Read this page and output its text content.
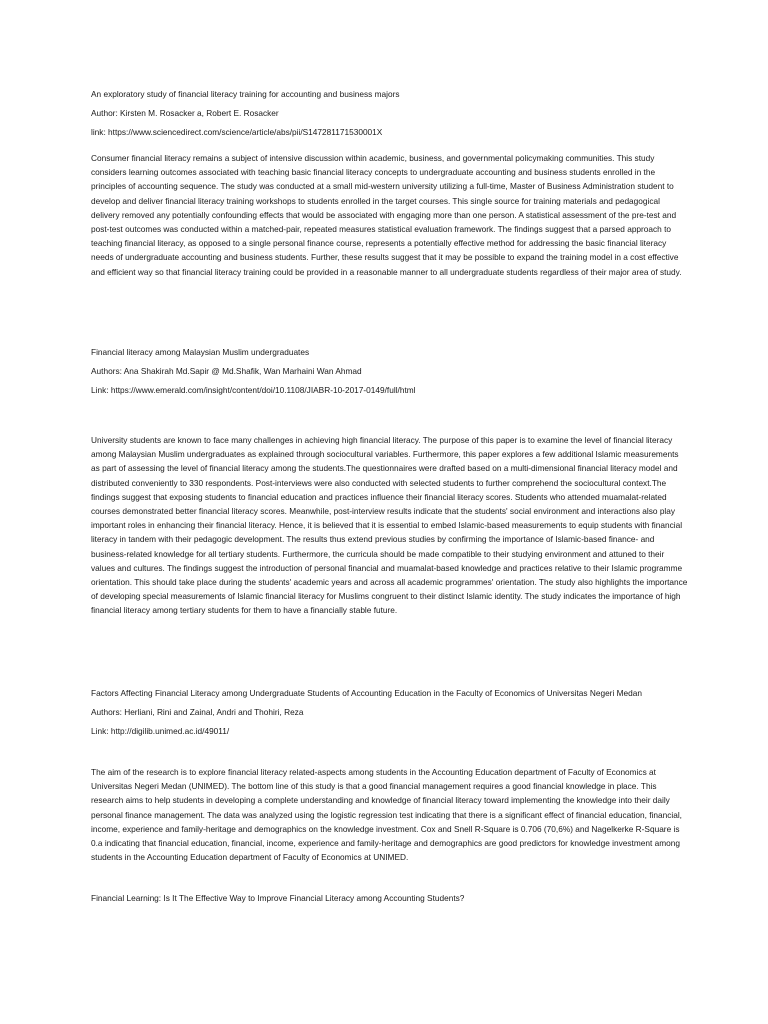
An exploratory study of financial literacy training for accounting and business majors

Author: Kirsten M. Rosacker a, Robert E. Rosacker

link: https://www.sciencedirect.com/science/article/abs/pii/S147281171530001X

Consumer financial literacy remains a subject of intensive discussion within academic, business, and governmental policymaking communities. This study considers learning outcomes associated with teaching basic financial literacy concepts to undergraduate accounting and business students enrolled in the principles of accounting sequence. The study was conducted at a small mid-western university utilizing a full-time, Master of Business Administration student to develop and deliver financial literacy training workshops to students enrolled in the target courses. This single source for training materials and pedagogical delivery removed any potentially confounding effects that would be associated with engaging more than one person. A statistical assessment of the pre-test and post-test outcomes was conducted within a matched-pair, repeated measures statistical evaluation framework. The findings suggest that a parsed approach to teaching financial literacy, as opposed to a single personal finance course, represents a potentially effective method for addressing the basic financial literacy needs of undergraduate accounting and business students. Further, these results suggest that it may be possible to expand the training model in a cost effective and efficient way so that financial literacy training could be provided in a reasonable manner to all undergraduate students regardless of their major area of study.

Financial literacy among Malaysian Muslim undergraduates

Authors: Ana Shakirah Md.Sapir @ Md.Shafik, Wan Marhaini Wan Ahmad

Link: https://www.emerald.com/insight/content/doi/10.1108/JIABR-10-2017-0149/full/html

University students are known to face many challenges in achieving high financial literacy. The purpose of this paper is to examine the level of financial literacy among Malaysian Muslim undergraduates as explained through sociocultural variables. Furthermore, this paper explores a few additional Islamic measurements as part of assessing the level of financial literacy among the students.The questionnaires were drafted based on a multi-dimensional financial literacy model and distributed conveniently to 330 respondents. Post-interviews were also conducted with selected students to further comprehend the sociocultural context.The findings suggest that exposing students to financial education and practices influence their financial literacy scores. Students who attended muamalat-related courses demonstrated better financial literacy scores. Meanwhile, post-interview results indicate that the students' social environment and interactions also play important roles in enhancing their financial literacy. Hence, it is believed that it is essential to embed Islamic-based measurements to equip students with financial literacy in tandem with their pedagogic development. The results thus extend previous studies by confirming the importance of Islamic-based finance- and business-related knowledge for all tertiary students. Furthermore, the curricula should be made compatible to their studying environment and attuned to their values and cultures. The findings suggest the introduction of personal financial and muamalat-based knowledge and practices relative to their Islamic programme orientation. This should take place during the students' academic years and across all academic programmes' orientation. The study also highlights the importance of developing special measurements of Islamic financial literacy for Muslims congruent to their distinct Islamic identity. The study indicates the importance of high financial literacy among tertiary students for them to have a financially stable future.

Factors Affecting Financial Literacy among Undergraduate Students of Accounting Education in the Faculty of Economics of Universitas Negeri Medan

Authors: Herliani, Rini and Zainal, Andri and Thohiri, Reza

Link: http://digilib.unimed.ac.id/49011/

The aim of the research is to explore financial literacy related-aspects among students in the Accounting Education department of Faculty of Economics at Universitas Negeri Medan (UNIMED). The bottom line of this study is that a good financial management requires a good financial knowledge in place. This research aims to help students in developing a complete understanding and knowledge of financial literacy toward implementing the knowledge into their daily personal finance management. The data was analyzed using the logistic regression test indicating that there is a significant effect of financial education, financial, income, experience and family-heritage and demographics on the knowledge investment. Cox and Snell R-Square is 0.706 (70,6%) and Nagelkerke R-Square is 0.a indicating that financial education, financial, income, experience and family-heritage and demographics are good predictors for knowledge investment among students in the Accounting Education department of Faculty of Economics at UNIMED.

Financial Learning: Is It The Effective Way to Improve Financial Literacy among Accounting Students?
